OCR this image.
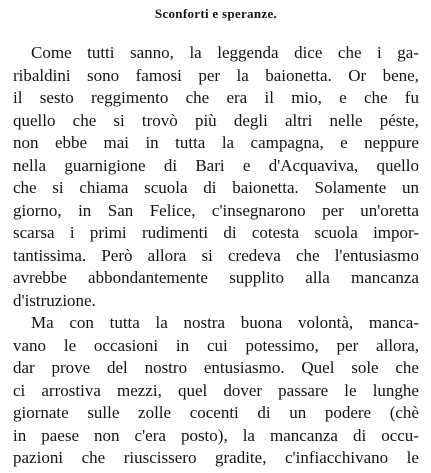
Sconforti e speranze.
Come tutti sanno, la leggenda dice che i ga-
ribaldini sono famosi per la baionetta. Or bene,
il sesto reggimento che era il mio, e che fu
quello che si trovò più degli altri nelle péste,
non ebbe mai in tutta la campagna, e neppure
nella guarnigione di Bari e d'Acquaviva, quello
che si chiama scuola di baionetta. Solamente un
giorno, in San Felice, c'insegnarono per un'oretta
scarsa i primi rudimenti di cotesta scuola impor-
tantissima. Però allora si credeva che l'entusiasmo
avrebbe abbondantemente supplito alla mancanza
d'istruzione.
Ma con tutta la nostra buona volontà, manca-
vano le occasioni in cui potessimo, per allora,
dar prove del nostro entusiasmo. Quel sole che
ci arrostiva mezzi, quel dover passare le lunghe
giornate sulle zolle cocenti di un podere (chè
in paese non c'era posto), la mancanza di occu-
pazioni che riuscissero gradite, c'infiacchivano le
